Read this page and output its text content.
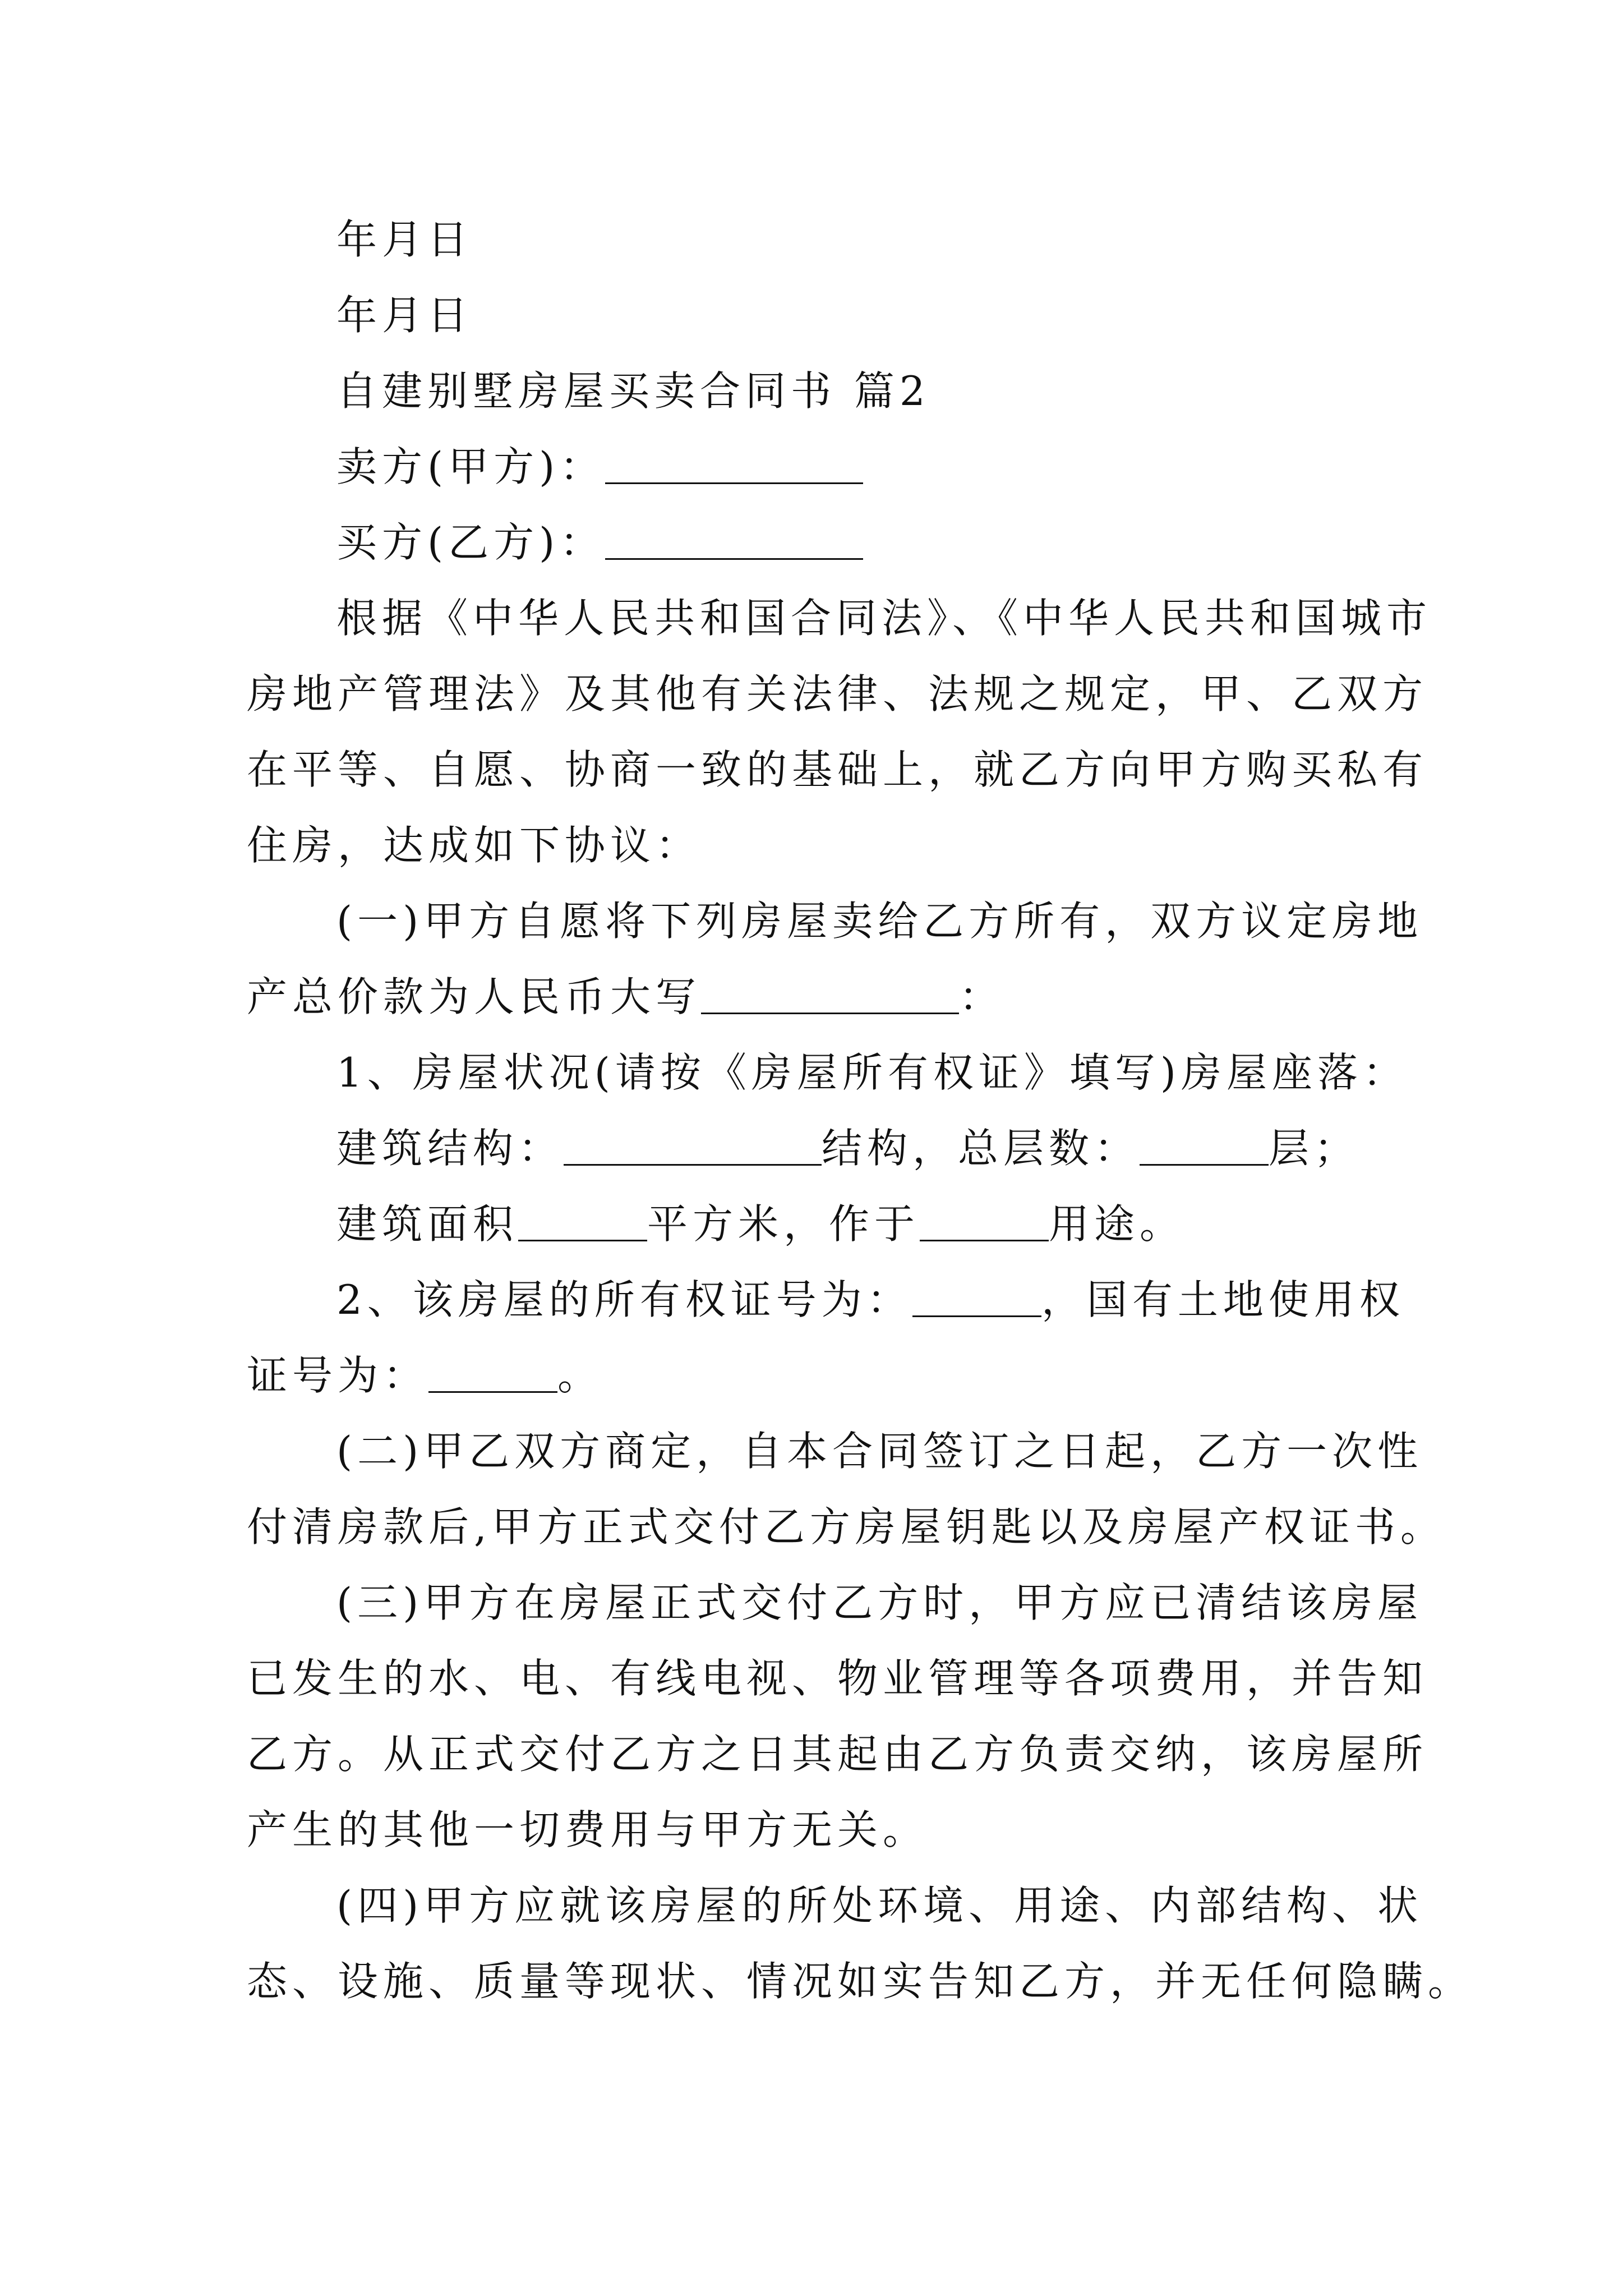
年月日

年月日

自建别墅房屋买卖合同书 篇2

卖方(甲方)：

买方(乙方)：

根据《中华人民共和国合同法》、《中华人民共和国城市

房地产管理法》及其他有关法律、法规之规定，甲、乙双方

在平等、自愿、协商一致的基础上，就乙方向甲方购买私有

住房，达成如下协议：

(一)甲方自愿将下列房屋卖给乙方所有，双方议定房地

产总价款为人民币大写	：

1、房屋状况(请按《房屋所有权证》填写)房屋座落：

建筑结构：	结构，总层数：	层；

建筑面积	平方米，作于	用途。

2、该房屋的所有权证号为：	，国有土地使用权

证号为：	。

(二)甲乙双方商定，自本合同签订之日起，乙方一次性

付清房款后,甲方正式交付乙方房屋钥匙以及房屋产权证书。

(三)甲方在房屋正式交付乙方时，甲方应已清结该房屋

已发生的水、电、有线电视、物业管理等各项费用，并告知

乙方。从正式交付乙方之日其起由乙方负责交纳，该房屋所

产生的其他一切费用与甲方无关。

(四)甲方应就该房屋的所处环境、用途、内部结构、状

态、设施、质量等现状、情况如实告知乙方，并无任何隐瞒。
